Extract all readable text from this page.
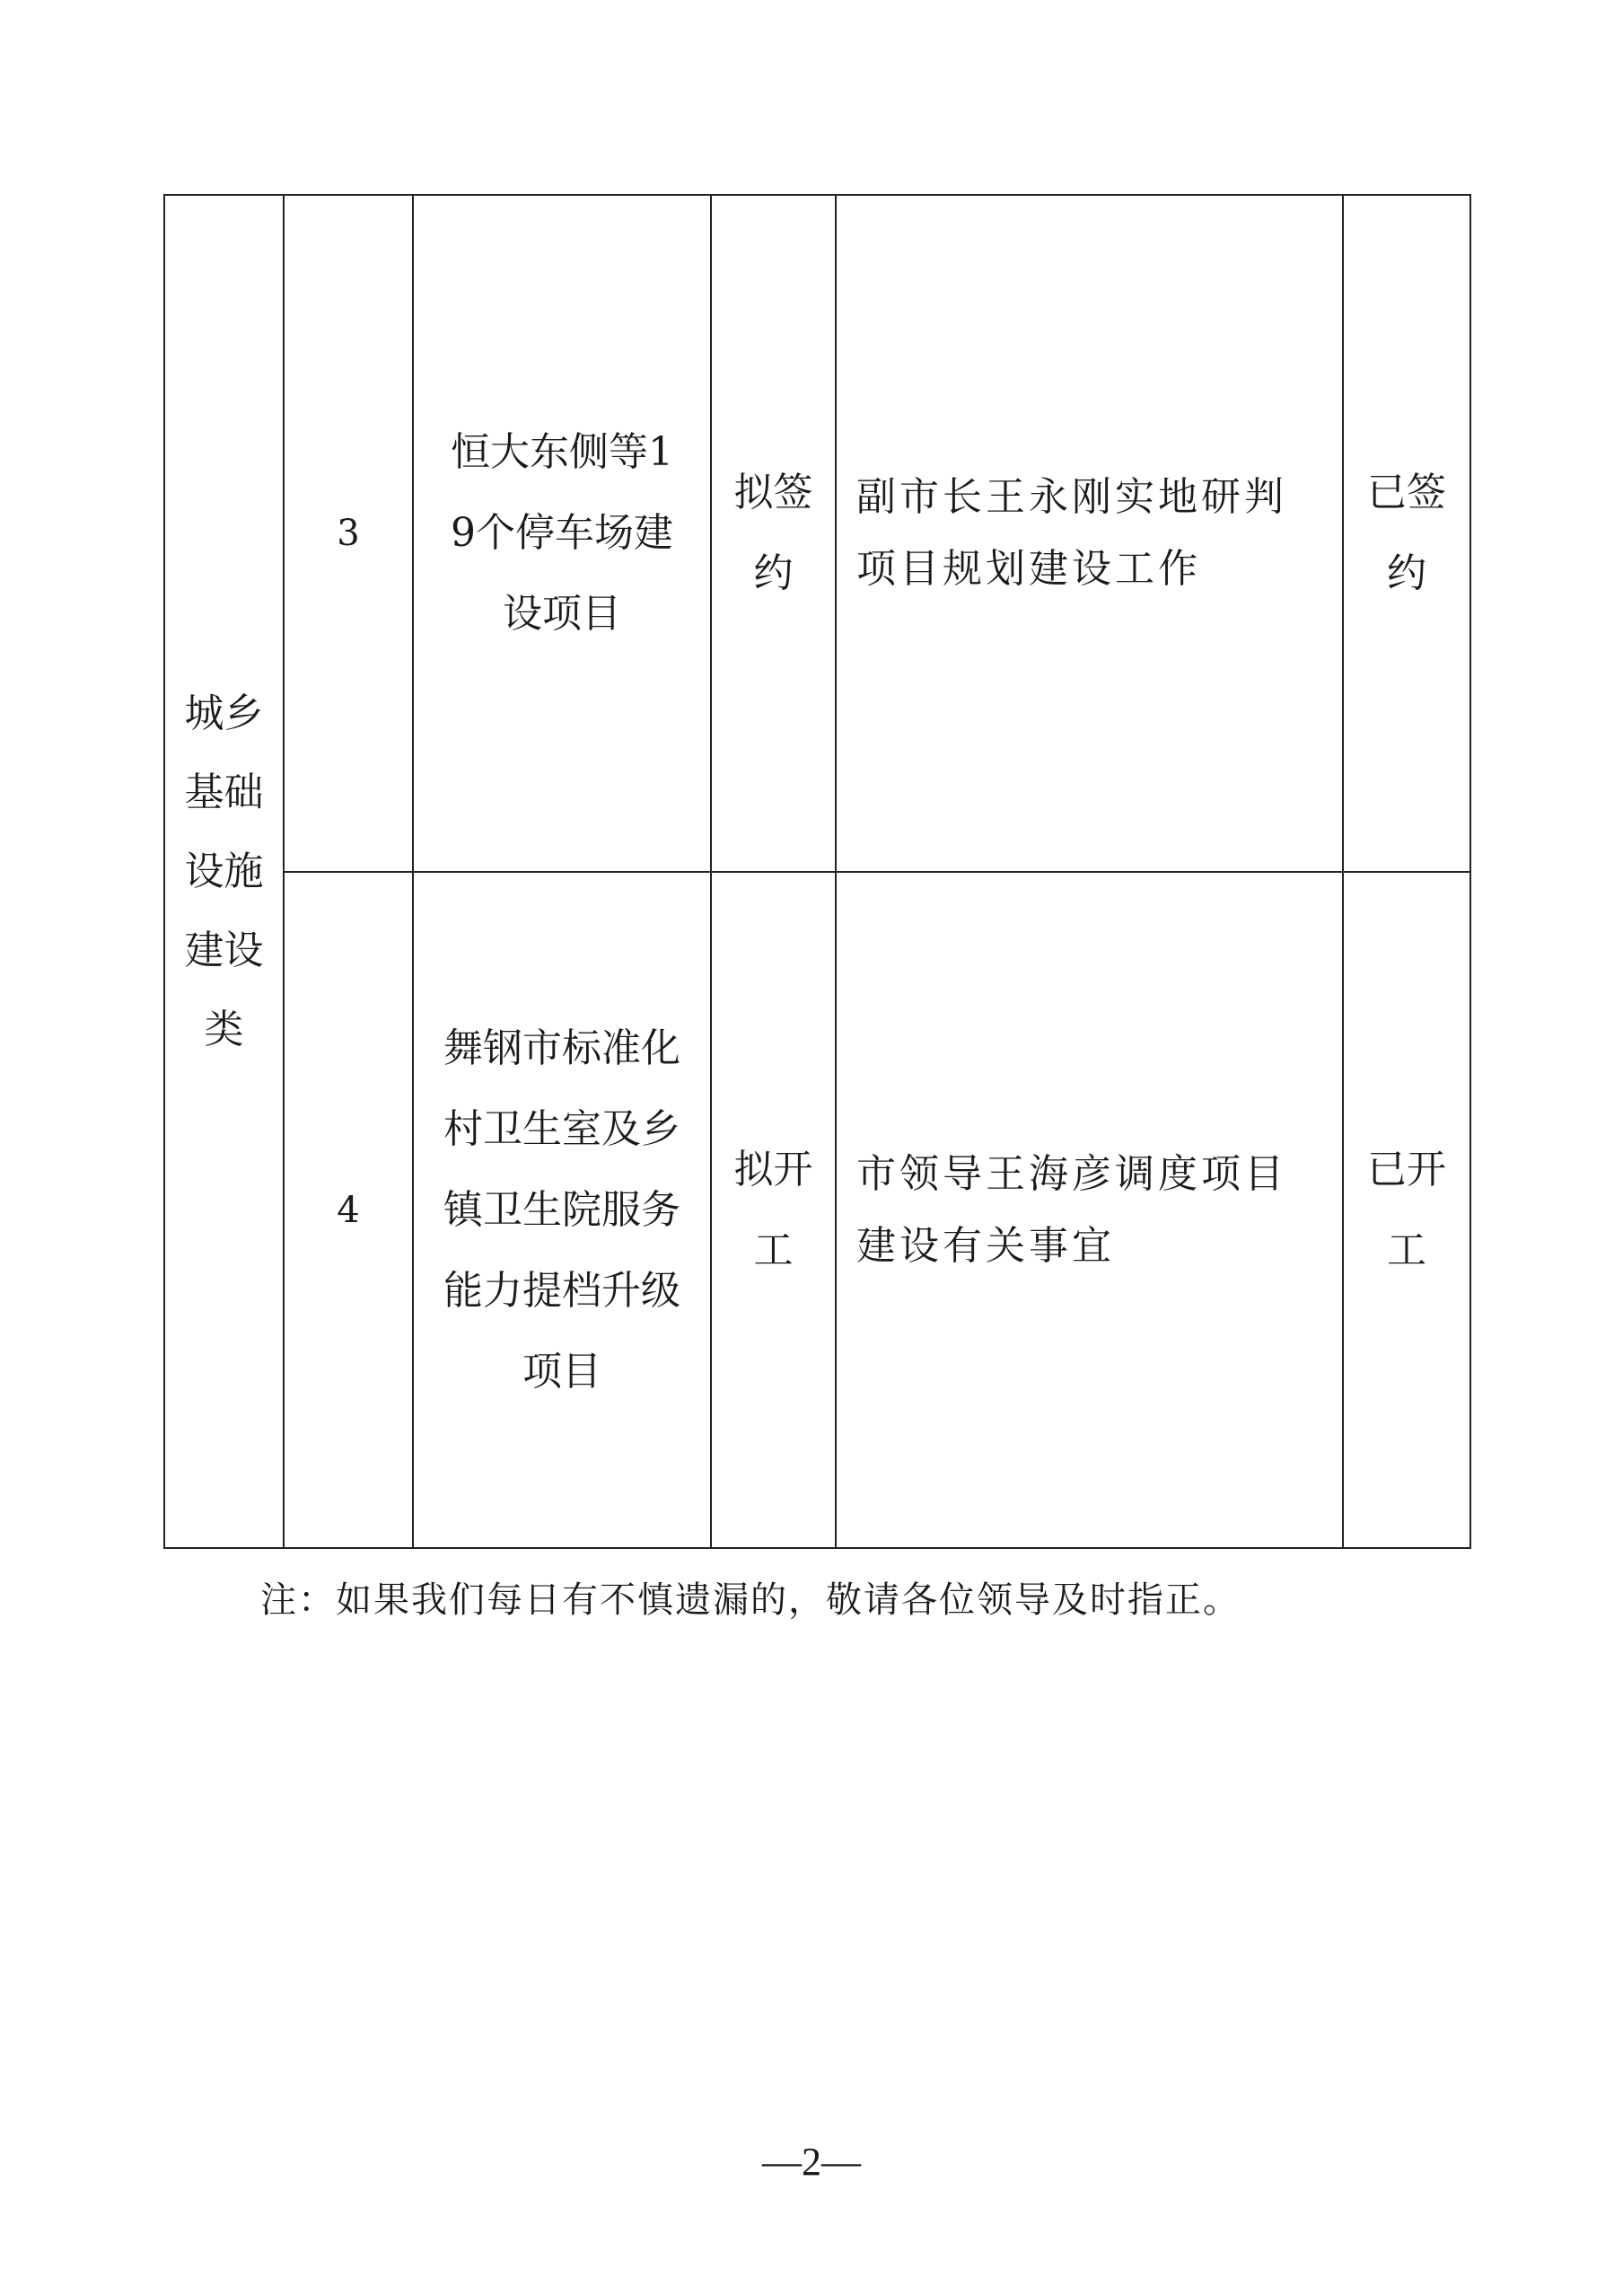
城乡基础设施建设类	3	恒大东侧等19个停车场建设项目	拟签约	副市长王永刚实地研判项目规划建设工作	已签约
	4	舞钢市标准化村卫生室及乡镇卫生院服务能力提档升级项目	拟开工	市领导王海彦调度项目建设有关事宜	已开工
注：如果我们每日有不慎遗漏的，敬请各位领导及时指正。
—2—
